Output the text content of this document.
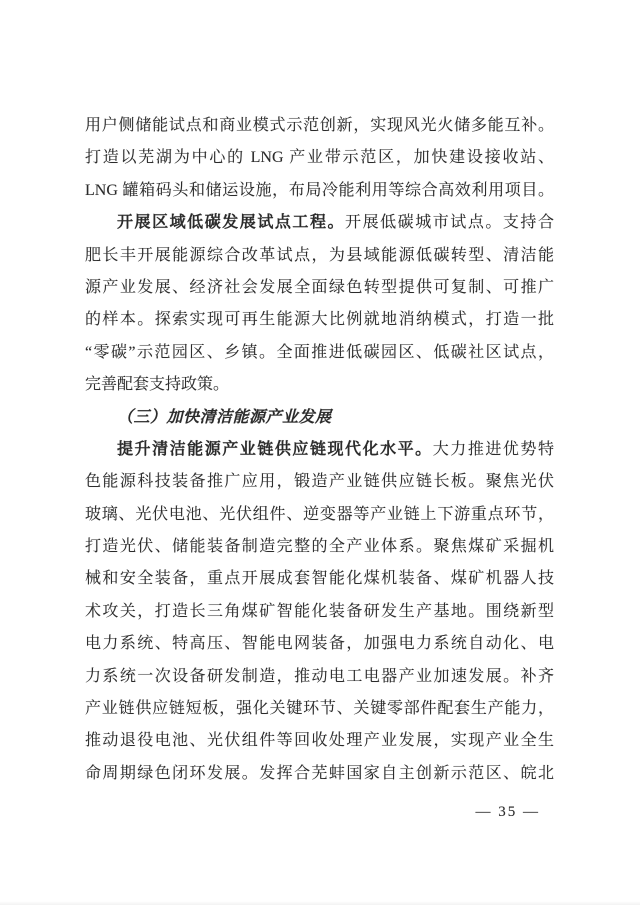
用户侧储能试点和商业模式示范创新，实现风光火储多能互补。
打造以芜湖为中心的 LNG 产业带示范区，加快建设接收站、
LNG 罐箱码头和储运设施，布局冷能利用等综合高效利用项目。
开展区域低碳发展试点工程。开展低碳城市试点。支持合
肥长丰开展能源综合改革试点，为县域能源低碳转型、清洁能
源产业发展、经济社会发展全面绿色转型提供可复制、可推广
的样本。探索实现可再生能源大比例就地消纳模式，打造一批
“零碳”示范园区、乡镇。全面推进低碳园区、低碳社区试点，
完善配套支持政策。
（三）加快清洁能源产业发展
提升清洁能源产业链供应链现代化水平。大力推进优势特
色能源科技装备推广应用，锻造产业链供应链长板。聚焦光伏
玻璃、光伏电池、光伏组件、逆变器等产业链上下游重点环节，
打造光伏、储能装备制造完整的全产业体系。聚焦煤矿采掘机
械和安全装备，重点开展成套智能化煤机装备、煤矿机器人技
术攻关，打造长三角煤矿智能化装备研发生产基地。围绕新型
电力系统、特高压、智能电网装备，加强电力系统自动化、电
力系统一次设备研发制造，推动电工电器产业加速发展。补齐
产业链供应链短板，强化关键环节、关键零部件配套生产能力，
推动退役电池、光伏组件等回收处理产业发展，实现产业全生
命周期绿色闭环发展。发挥合芜蚌国家自主创新示范区、皖北
— 35 —
